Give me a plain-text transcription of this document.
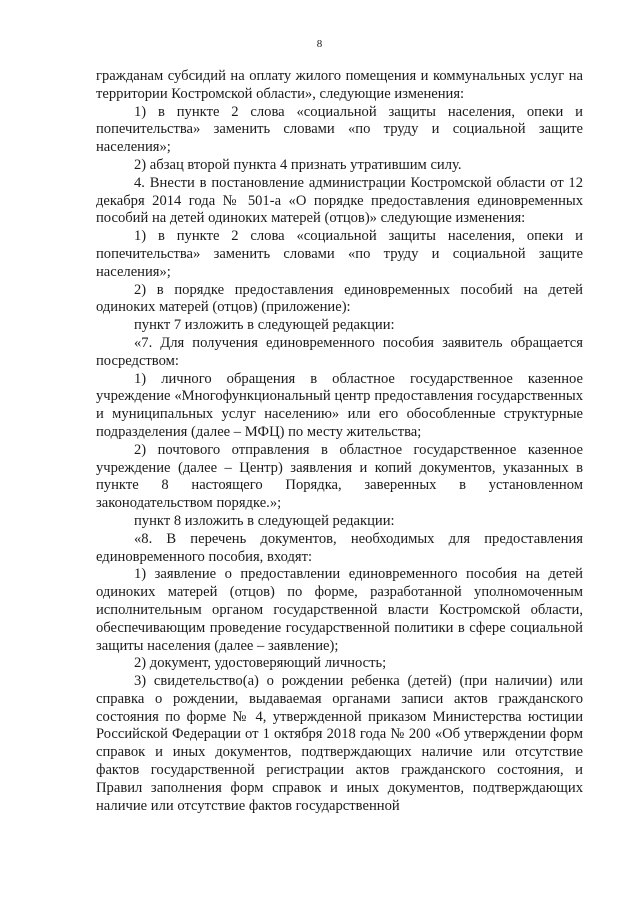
8

гражданам субсидий на оплату жилого помещения и коммунальных услуг на территории Костромской области», следующие изменения:

1) в пункте 2 слова «социальной защиты населения, опеки и попечительства» заменить словами «по труду и социальной защите населения»;

2) абзац второй пункта 4 признать утратившим силу.

4. Внести в постановление администрации Костромской области от 12 декабря 2014 года № 501-а «О порядке предоставления единовременных пособий на детей одиноких матерей (отцов)» следующие изменения:

1) в пункте 2 слова «социальной защиты населения, опеки и попечительства» заменить словами «по труду и социальной защите населения»;

2) в порядке предоставления единовременных пособий на детей одиноких матерей (отцов) (приложение):

пункт 7 изложить в следующей редакции:

«7. Для получения единовременного пособия заявитель обращается посредством:

1) личного обращения в областное государственное казенное учреждение «Многофункциональный центр предоставления государственных и муниципальных услуг населению» или его обособленные структурные подразделения (далее – МФЦ) по месту жительства;

2) почтового отправления в областное государственное казенное учреждение (далее – Центр) заявления и копий документов, указанных в пункте 8 настоящего Порядка, заверенных в установленном законодательством порядке.»;

пункт 8 изложить в следующей редакции:

«8. В перечень документов, необходимых для предоставления единовременного пособия, входят:

1) заявление о предоставлении единовременного пособия на детей одиноких матерей (отцов) по форме, разработанной уполномоченным исполнительным органом государственной власти Костромской области, обеспечивающим проведение государственной политики в сфере социальной защиты населения (далее – заявление);

2) документ, удостоверяющий личность;

3) свидетельство(а) о рождении ребенка (детей) (при наличии) или справка о рождении, выдаваемая органами записи актов гражданского состояния по форме № 4, утвержденной приказом Министерства юстиции Российской Федерации от 1 октября 2018 года № 200 «Об утверждении форм справок и иных документов, подтверждающих наличие или отсутствие фактов государственной регистрации актов гражданского состояния, и Правил заполнения форм справок и иных документов, подтверждающих наличие или отсутствие фактов государственной
